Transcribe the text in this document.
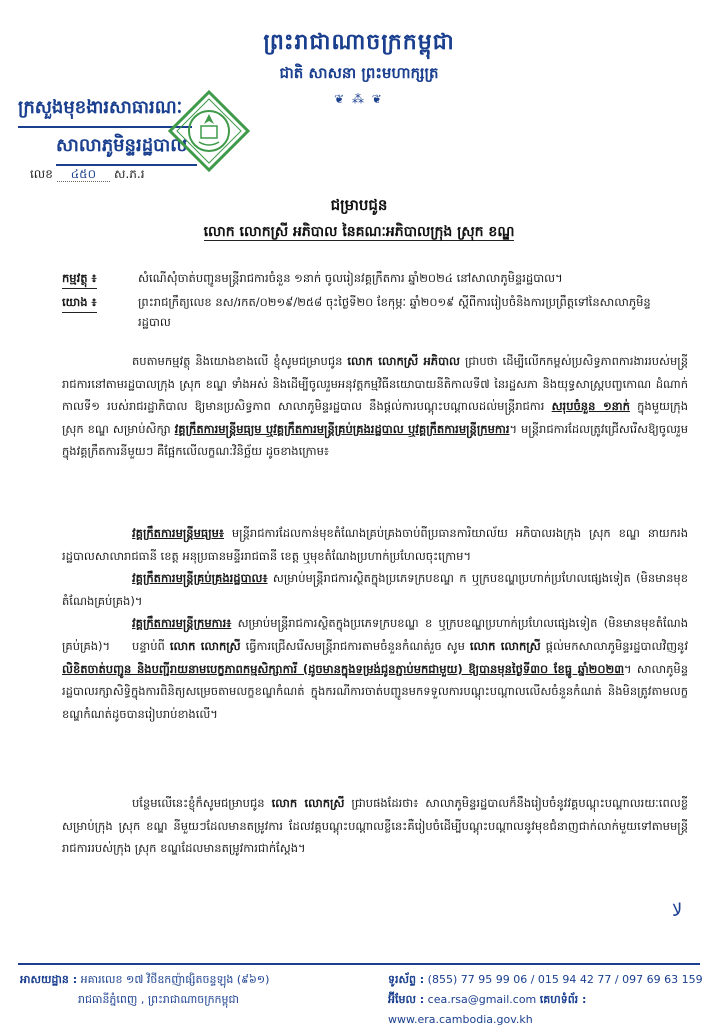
ព្រះរាជាណាចក្រកម្ពុជា
ជាតិ សាសនា ព្រះមហាក្សត្រ
❦ ⁂ ❦
ក្រសួងមុខងារសាធារណៈ
សាលាភូមិន្ទរដ្ឋបាល
លេខ ៤៥០ ស.ភ.រ
ជម្រាបជូន
លោក លោកស្រី អភិបាល នៃគណៈអភិបាលក្រុង ស្រុក ខណ្ឌ
កម្មវត្ថុ ៖	សំណើសុំចាត់បញ្ជូនមន្ត្រីរាជការចំនួន ១នាក់ ចូលរៀនវគ្គក្រឹតការ ឆ្នាំ២០២៤ នៅសាលាភូមិន្ទរដ្ឋបាល។
យោង ៖	ព្រះរាជក្រឹត្យលេខ នស/រកត/០២១៩/២៥៨ ចុះថ្ងៃទី២០ ខែកុម្ភៈ ឆ្នាំ២០១៩ ស្ដីពីការរៀបចំនិងការប្រព្រឹត្តទៅនៃសាលាភូមិន្ទរដ្ឋបាល
តបតាមកម្មវត្ថុ និងយោងខាងលើ ខ្ញុំសូមជម្រាបជូន លោក លោកស្រី អភិបាល ជ្រាបថា ដើម្បីលើកកម្ពស់ប្រសិទ្ធភាពការងាររបស់មន្ត្រីរាជការនៅតាមរដ្ឋបាលក្រុង ស្រុក ខណ្ឌ ទាំងអស់ និងដើម្បីចូលរួមអនុវត្តកម្មវិធីនយោបាយនីតិកាលទី៧ នៃរដ្ឋសភា និងយុទ្ធសាស្ត្របញ្ចកោណ ដំណាក់កាលទី១ របស់រាជរដ្ឋាភិបាល ឱ្យមានប្រសិទ្ធភាព សាលាភូមិន្ទរដ្ឋបាល នឹងផ្ដល់ការបណ្ដុះបណ្ដាលដល់មន្ត្រីរាជការ សរុបចំនួន ១នាក់ ក្នុងមួយក្រុង ស្រុក ខណ្ឌ សម្រាប់សិក្សា វគ្គក្រឹតការមន្ត្រីមធ្យម ឬវគ្គក្រឹតការមន្ត្រីគ្រប់គ្រងរដ្ឋបាល ឬវគ្គក្រឹតការមន្ត្រីក្រមការ។ មន្ត្រីរាជការដែលត្រូវជ្រើសរើសឱ្យចូលរួមក្នុងវគ្គក្រឹតការនីមួយៗ គឺផ្អែកលើលក្ខណៈវិនិច្ឆ័យ ដូចខាងក្រោម៖
វគ្គក្រឹតការមន្ត្រីមធ្យម៖ មន្ត្រីរាជការដែលកាន់មុខតំណែងគ្រប់គ្រងចាប់ពីប្រធានការិយាល័យ អភិបាលរងក្រុង ស្រុក ខណ្ឌ នាយករងរដ្ឋបាលសាលារាជធានី ខេត្ត អនុប្រធានមន្ទីររាជធានី ខេត្ត ឬមុខតំណែងប្រហាក់ប្រហែលចុះក្រោម។
វគ្គក្រឹតការមន្ត្រីគ្រប់គ្រងរដ្ឋបាល៖ សម្រាប់មន្ត្រីរាជការស្ថិតក្នុងប្រភេទក្របខណ្ឌ ក ឬក្របខណ្ឌប្រហាក់ប្រហែលផ្សេងទៀត (មិនមានមុខតំណែងគ្រប់គ្រង)។
វគ្គក្រឹតការមន្ត្រីក្រមការ៖ សម្រាប់មន្ត្រីរាជការស្ថិតក្នុងប្រភេទក្របខណ្ឌ ខ ឬក្របខណ្ឌប្រហាក់ប្រហែលផ្សេងទៀត (មិនមានមុខតំណែងគ្រប់គ្រង)។	បន្ទាប់ពី លោក លោកស្រី ធ្វើការជ្រើសរើសមន្ត្រីរាជការតាមចំនួនកំណត់រួច សូម លោក លោកស្រី ផ្ដល់មកសាលាភូមិន្ទរដ្ឋបាលវិញនូវ លិខិតចាត់បញ្ជូន និងបញ្ជីរាយនាមបេក្ខភាពកម្មសិក្សាការី (ដូចមានក្នុងទម្រង់ជូនភ្ជាប់មកជាមួយ) ឱ្យបានមុនថ្ងៃទី៣០ ខែធ្នូ ឆ្នាំ២០២៣។ សាលាភូមិន្ទរដ្ឋបាលរក្សាសិទ្ធិក្នុងការពិនិត្យសម្រេចតាមលក្ខខណ្ឌកំណត់ ក្នុងករណីការចាត់បញ្ជូនមកទទួលការបណ្ដុះបណ្ដាលលើសចំនួនកំណត់ និងមិនត្រូវតាមលក្ខខណ្ឌកំណត់ដូចបានរៀបរាប់ខាងលើ។
បន្ថែមលើនេះខ្ញុំក៏សូមជម្រាបជូន លោក លោកស្រី ជ្រាបផងដែរថា៖ សាលាភូមិន្ទរដ្ឋបាលក៏នឹងរៀបចំនូវវគ្គបណ្ដុះបណ្ដាលរយៈពេលខ្លី សម្រាប់ក្រុង ស្រុក ខណ្ឌ នីមួយៗដែលមានតម្រូវការ ដែលវគ្គបណ្ដុះបណ្ដាលខ្លីនេះគឺរៀបចំដើម្បីបណ្ដុះបណ្ដាលនូវមុខជំនាញជាក់លាក់មួយទៅតាមមន្ត្រីរាជការរបស់ក្រុង ស្រុក ខណ្ឌដែលមានតម្រូវការជាក់ស្ដែង។
ﻻ
អាសយដ្ឋាន : អគារលេខ ១៧ វិថីឧកញ៉ាផ្សិតចន្ទឡុង (៩៦១)
រាជធានីភ្នំពេញ , ព្រះរាជាណាចក្រកម្ពុជា
ទូរស័ព្ទ : (855) 77 95 99 06 / 015 94 42 77 / 097 69 63 159
អ៊ីមែល : cea.rsa@gmail.com គេហទំព័រ : www.era.cambodia.gov.kh
